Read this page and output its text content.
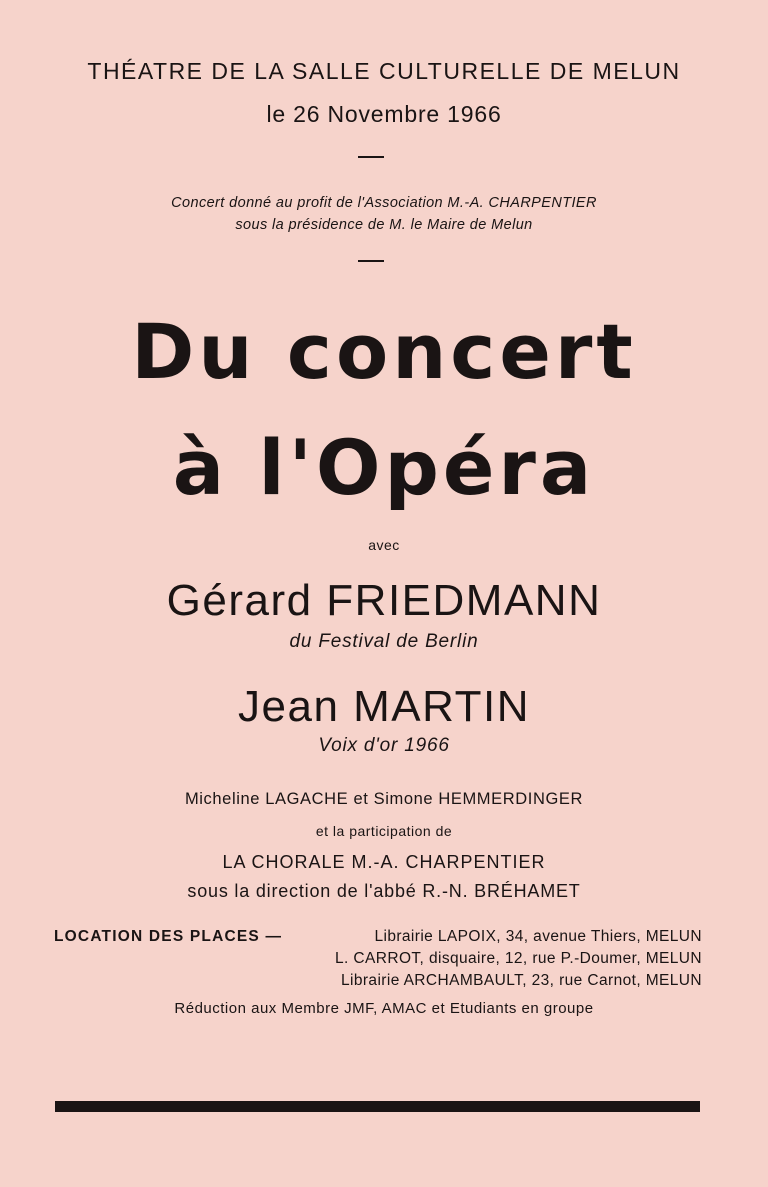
THÉATRE DE LA SALLE CULTURELLE DE MELUN
le 26 Novembre 1966
Concert donné au profit de l'Association M.-A. CHARPENTIER
sous la présidence de M. le Maire de Melun
Du concert
à l'Opéra
avec
Gérard FRIEDMANN
du Festival de Berlin
Jean MARTIN
Voix d'or 1966
Micheline LAGACHE et Simone HEMMERDINGER
et la participation de
LA CHORALE M.-A. CHARPENTIER
sous la direction de l'abbé R.-N. BRÉHAMET
LOCATION DES PLACES —	Librairie LAPOIX, 34, avenue Thiers, MELUN
L. CARROT, disquaire, 12, rue P.-Doumer, MELUN
Librairie ARCHAMBAULT, 23, rue Carnot, MELUN
Réduction aux Membre JMF, AMAC et Etudiants en groupe
